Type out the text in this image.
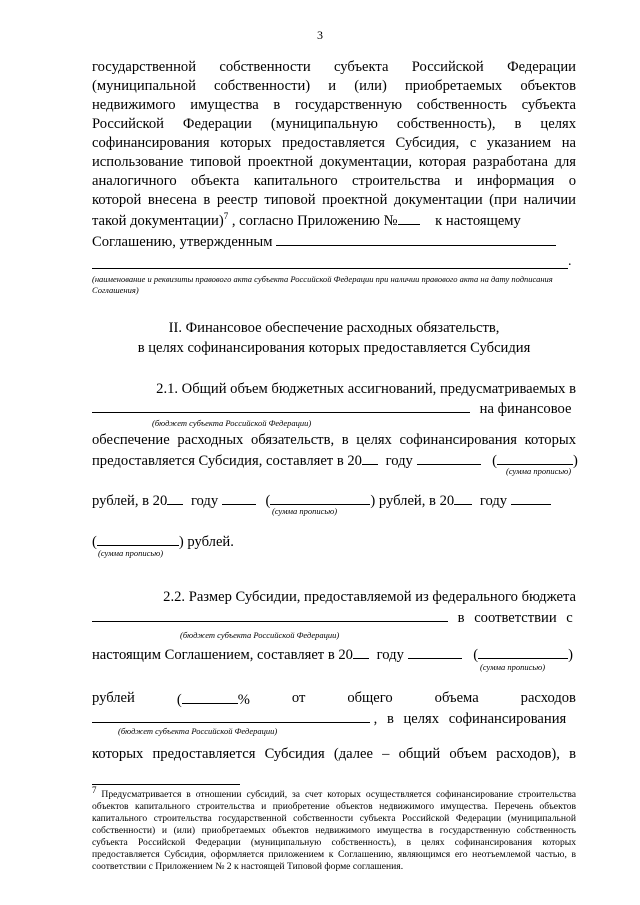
3
государственной собственности субъекта Российской Федерации
(муниципальной собственности) и (или) приобретаемых объектов
недвижимого имущества в государственную собственность субъекта
Российской Федерации (муниципальную собственность), в целях
софинансирования которых предоставляется Субсидия, с указанием на
использование типовой проектной документации, которая разработана для
аналогичного объекта капитального строительства и информация о
которой внесена в реестр типовой проектной документации (при наличии
такой документации)$^7$ , согласно Приложению №	к настоящему
Соглашению, утвержденным
.
(наименование и реквизиты правового акта субъекта Российской Федерации при наличии правового акта на дату подписания Соглашения)
II. Финансовое обеспечение расходных обязательств,
в целях софинансирования которых предоставляется Субсидия
2.1. Общий объем бюджетных ассигнований, предусматриваемых в
на финансовое
(бюджет субъекта Российской Федерации)
обеспечение расходных обязательств, в целях софинансирования которых
предоставляется Субсидия, составляет в 20 году	(	)
(сумма прописью)
рублей, в 20 году	(	) рублей, в 20 году
(сумма прописью)
(	) рублей.
(сумма прописью)
2.2. Размер Субсидии, предоставляемой из федерального бюджета
в соответствии с
(бюджет субъекта Российской Федерации)
настоящим Соглашением, составляет в 20 году	(	)
(сумма прописью)
рублей	(	%	от	общего	объема	расходов
, в целях софинансирования
(бюджет субъекта Российской Федерации)
которых предоставляется Субсидия (далее – общий объем расходов), в
$^7$ Предусматривается в отношении субсидий, за счет которых осуществляется софинансирование строительства объектов капитального строительства и приобретение объектов недвижимого имущества. Перечень объектов капитального строительства государственной собственности субъекта Российской Федерации (муниципальной собственности) и (или) приобретаемых объектов недвижимого имущества в государственную собственность субъекта Российской Федерации (муниципальную собственность), в целях софинансирования которых предоставляется Субсидия, оформляется приложением к Соглашению, являющимся его неотъемлемой частью, в соответствии с Приложением № 2 к настоящей Типовой форме соглашения.
